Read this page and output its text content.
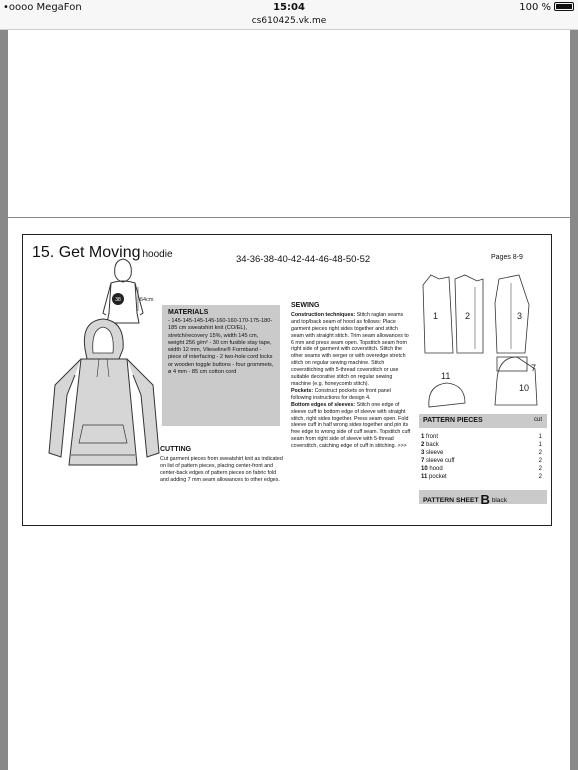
•oooo MegaFon	15:04	100 %
cs610425.vk.me
15. Get Moving hoodie	34-36-38-40-42-44-46-48-50-52	Pages 8-9
38	64cm
MATERIALS

- 145-145-145-145-160-160-170-175-180-185 cm sweatshirt knit (CO/EL), stretch/recovery 15%, width 145 cm, weight 256 g/m² - 30 cm fusible stay tape, width 12 mm, Vlieseline® Formband - piece of interfacing - 2 two-hole cord locks or wooden toggle buttons - four grommets, ø 4 mm - 85 cm cotton cord

CUTTING

Cut garment pieces from sweatshirt knit as indicated on list of pattern pieces, placing center-front and center-back edges of pattern pieces on fabric fold and adding 7 mm seam allowances to other edges.

SEWING

Construction techniques: Stitch raglan seams and top/back seam of hood as follows: Place garment pieces right sides together and stitch seam with straight stitch. Trim seam allowances to 6 mm and press seam open. Topstitch seam from right side of garment with coverstitch. Stitch the other seams with serger or with overedge stretch stitch on regular sewing machine. Stitch coverstitching with 5-thread coverstitch or use suitable decorative stitch on regular sewing machine (e.g. honeycomb stitch).

Pockets: Construct pockets on front panel following instructions for design 4.

Bottom edges of sleeves: Stitch one edge of sleeve cuff to bottom edge of sleeve with straight stitch, right sides together. Press seam open. Fold sleeve cuff in half wrong sides together and pin its free edge to wrong side of cuff seam. Topstitch cuff seam from right side of sleeve with 5-thread coverstitch, catching edge of cuff in stitching. >>>

1	2	3
7
11
10
PATTERN PIECES	cut
1 front	1
2 back	1
3 sleeve	2
7 sleeve cuff	2
10 hood	2
11 pocket	2
PATTERN SHEET B black
